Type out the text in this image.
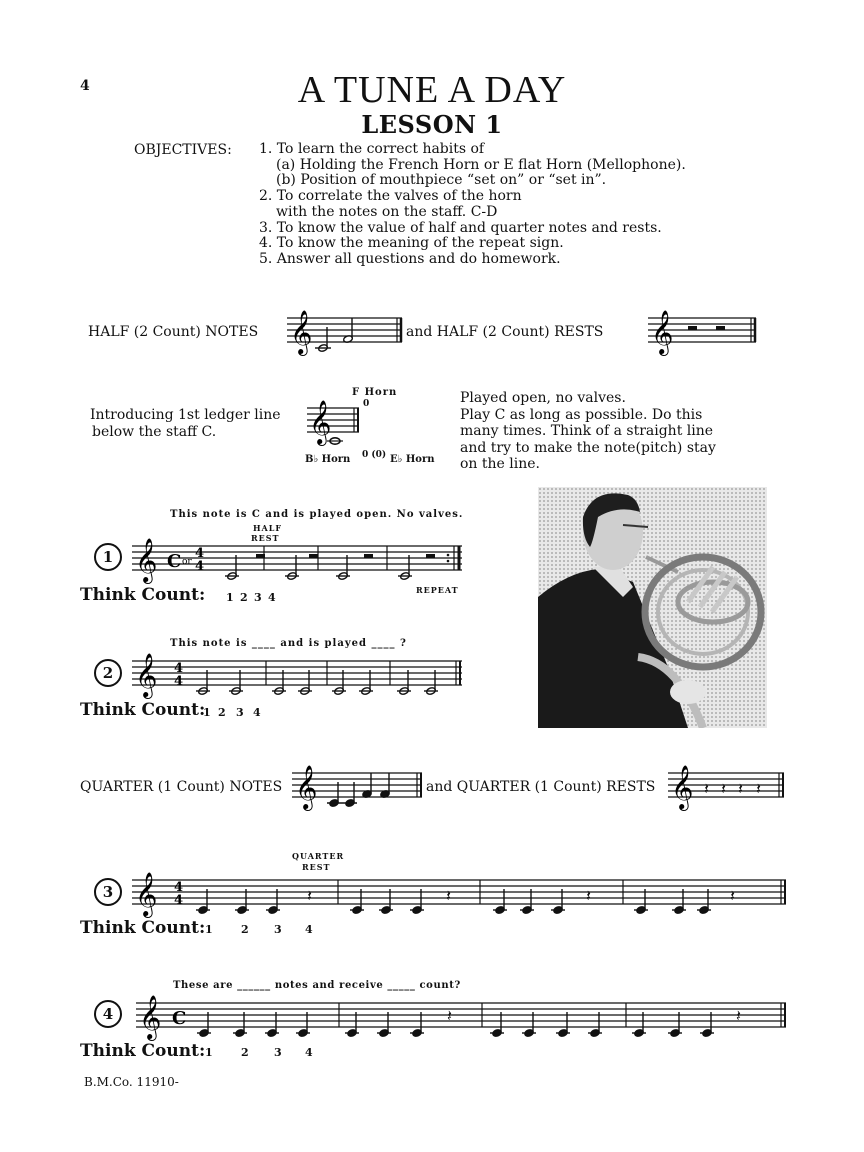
4	A TUNE A DAY
LESSON 1
OBJECTIVES: 1. To learn the correct habits of
(a) Holding the French Horn or E flat Horn (Mellophone).
(b) Position of mouthpiece “set on” or “set in”.
2. To correlate the valves of the horn
with the notes on the staff. C-D
3. To know the value of half and quarter notes and rests.
4. To know the meaning of the repeat sign.
5. Answer all questions and do homework.
HALF (2 Count) NOTES 𝄞	and HALF (2 Count) RESTS 𝄞
Introducing 1st ledger line
below the staff C.
F Horn
0
𝄞
B♭ Horn 0 (0) E♭ Horn
Played open, no valves.
Play C as long as possible. Do this
many times. Think of a straight line
and try to make the note(pitch) stay
on the line.
This note is C and is played open. No valves.
HALF
REST
1 𝄞 C or
4
4
Think Count: 1 2 3 4
REPEAT
This note is ____ and is played ____ ?
2 𝄞 4
4
Think Count:
1 2 3 4
QUARTER (1 Count) NOTES 𝄞	and QUARTER (1 Count) RESTS 𝄞 𝄽 𝄽 𝄽 𝄽
QUARTER
REST
3 𝄞 4
4	𝄽	𝄽	𝄽	𝄽
Think Count: 1	2 3 4
These are ______ notes and receive _____ count?
4 𝄞 C	𝄽	𝄽
Think Count: 1	2 3 4
B.M.Co. 11910-
